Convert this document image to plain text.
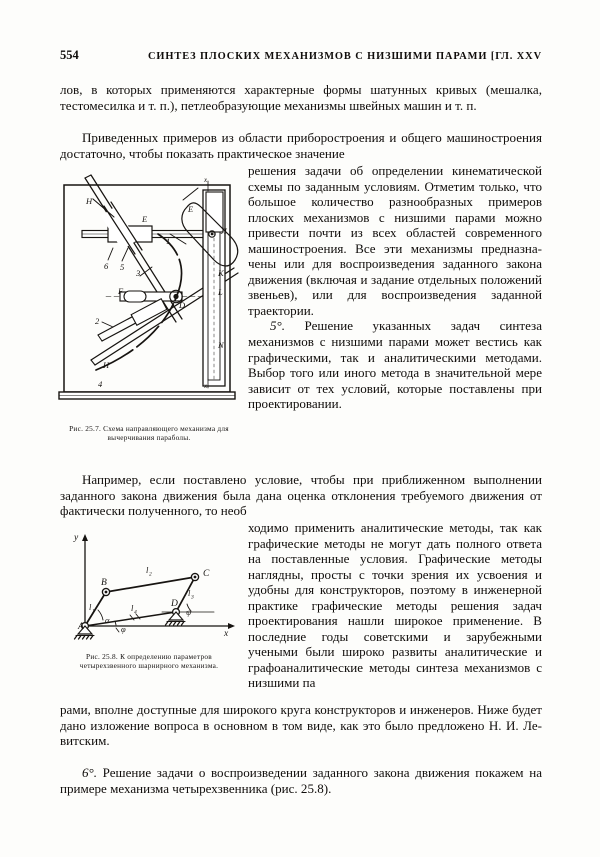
554	СИНТЕЗ ПЛОСКИХ МЕХАНИЗМОВ С НИЗШИМИ ПАРАМИ [ГЛ. XXV

лов, в которых применяются характерные формы шатунных кривых (мешалка, тестомесилка и т. п.), петлеобразующие механизмы швейных машин и т. п.

Приведенных примеров из области приборостроения и общего машиностроения достаточно, чтобы показать практическое значение

Н
Е
6 5
1
3
F
2
D
К
L
N
Н
4
Е
Л
х
х
Рис. 25.7. Схема направляющего механизма для вычерчивания параболы.

решения задачи об определении кинематической схемы по заданным условиям. Отметим только, что большое количество разнообразных примеров плоских механизмов с низшими парами можно привести почти из всех областей современного машиностроения. Все эти механизмы предназначены или для воспроизведения заданного закона движения (включая и задание отдельных положений звеньев), или для воспроизведения заданной траектории.

5°. Решение указанных задач синтеза механизмов с низшими парами может вестись как графическими, так и аналитическими методами. Выбор того или иного метода в значительной мере зависит от тех условий, которые поставлены при проектировании.

Например, если поставлено условие, чтобы при приближенном выполнении заданного закона движения была дана оценка отклонения требуемого движения от фактически полученного, то необ

y
x
А
В
С
D
l 1
l 2
l 3
l 4
α
φ
ψ
Рис. 25.8. К определению параметров четырехзвенного шарнирного механизма.

ходимо применить аналитические методы, так как графические методы не могут дать полного ответа на поставленные условия. Графические методы наглядны, просты с точки зрения их усвоения и удобны для конструкторов, поэтому в инженерной практике графические методы решения задач проектирования нашли широкое применение. В последние годы советскими и зарубежными учеными были широко развиты аналитические и графоаналитические методы синтеза механизмов с низшими па

рами, вполне доступные для широкого круга конструкторов и инженеров. Ниже будет дано изложение вопроса в основном в том виде, как это было предложено Н. И. Левитским.

6°. Решение задачи о воспроизведении заданного закона движения покажем на примере механизма четырехзвенника (рис. 25.8).
